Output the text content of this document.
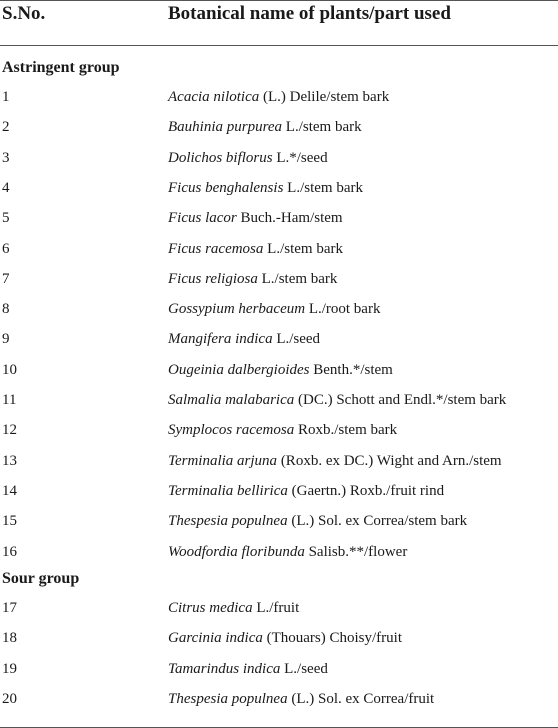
S.No.	Botanical name of plants/part used
Astringent group
1	Acacia nilotica (L.) Delile/stem bark
2	Bauhinia purpurea L./stem bark
3	Dolichos biflorus L.*/seed
4	Ficus benghalensis L./stem bark
5	Ficus lacor Buch.-Ham/stem
6	Ficus racemosa L./stem bark
7	Ficus religiosa L./stem bark
8	Gossypium herbaceum L./root bark
9	Mangifera indica L./seed
10	Ougeinia dalbergioides Benth.*/stem
11	Salmalia malabarica (DC.) Schott and Endl.*/stem bark
12	Symplocos racemosa Roxb./stem bark
13	Terminalia arjuna (Roxb. ex DC.) Wight and Arn./stem
14	Terminalia bellirica (Gaertn.) Roxb./fruit rind
15	Thespesia populnea (L.) Sol. ex Correa/stem bark
16	Woodfordia floribunda Salisb.**/flower
Sour group
17	Citrus medica L./fruit
18	Garcinia indica (Thouars) Choisy/fruit
19	Tamarindus indica L./seed
20	Thespesia populnea (L.) Sol. ex Correa/fruit
